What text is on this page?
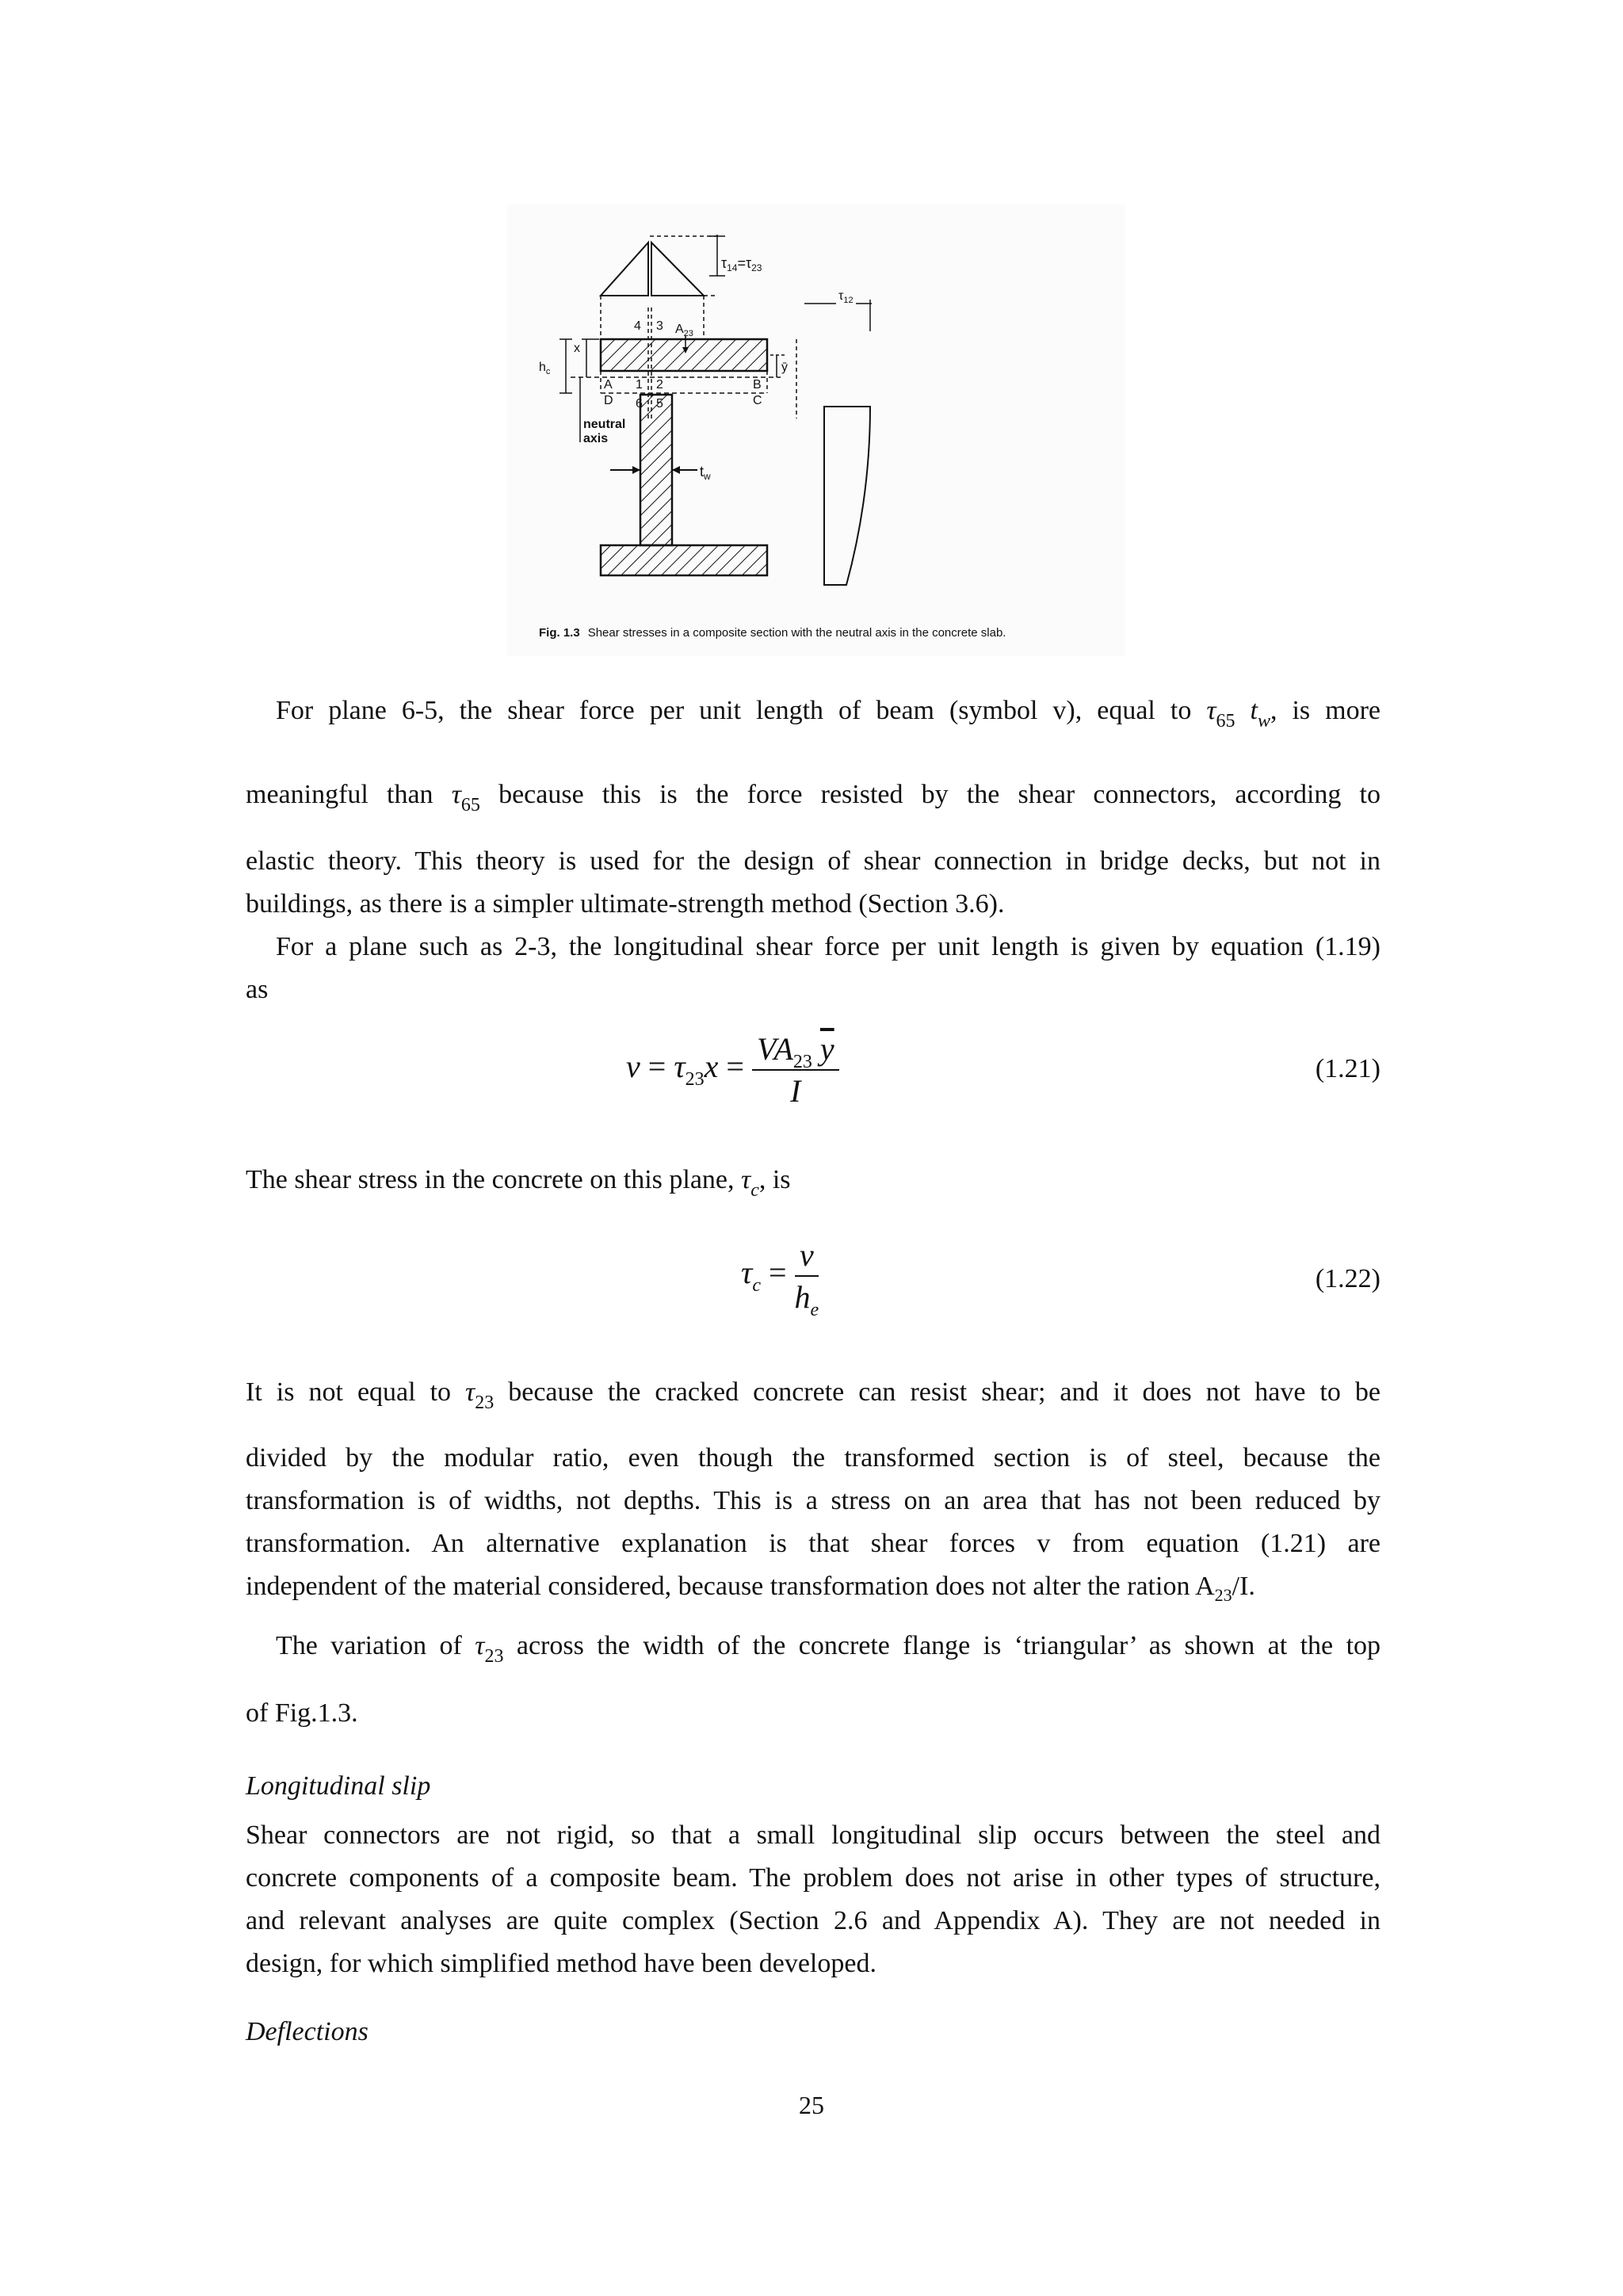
$\tau_{14}=\tau_{23}$
$t_w$
$A_{23}$
4 3
1 2
6 5
A
D
B
C
x
$h_c$
neutral
axis
ȳ
$\tau_{12}$
Fig. 1.3 Shear stresses in a composite section with the neutral axis in the concrete slab.
For plane 6-5, the shear force per unit length of beam (symbol v), equal to $\tau_{65}$ $t_w$, is more
meaningful than $\tau_{65}$ because this is the force resisted by the shear connectors, according to
elastic theory. This theory is used for the design of shear connection in bridge decks, but not in
buildings, as there is a simpler ultimate-strength method (Section 3.6).
For a plane such as 2-3, the longitudinal shear force per unit length is given by equation (1.19)
as
$v = \tau_{23}x = \frac{VA_{23} \overline{y}}{I}$	(1.21)
The shear stress in the concrete on this plane, $\tau_c$, is
$\tau_c = \frac{v}{h_e}$	(1.22)
It is not equal to $\tau_{23}$ because the cracked concrete can resist shear; and it does not have to be
divided by the modular ratio, even though the transformed section is of steel, because the
transformation is of widths, not depths. This is a stress on an area that has not been reduced by
transformation. An alternative explanation is that shear forces v from equation (1.21) are
independent of the material considered, because transformation does not alter the ration $A_{23}/I$.
The variation of $\tau_{23}$ across the width of the concrete flange is ‘triangular’ as shown at the top
of Fig.1.3.
Longitudinal slip
Shear connectors are not rigid, so that a small longitudinal slip occurs between the steel and
concrete components of a composite beam. The problem does not arise in other types of structure,
and relevant analyses are quite complex (Section 2.6 and Appendix A). They are not needed in
design, for which simplified method have been developed.
Deflections
25
